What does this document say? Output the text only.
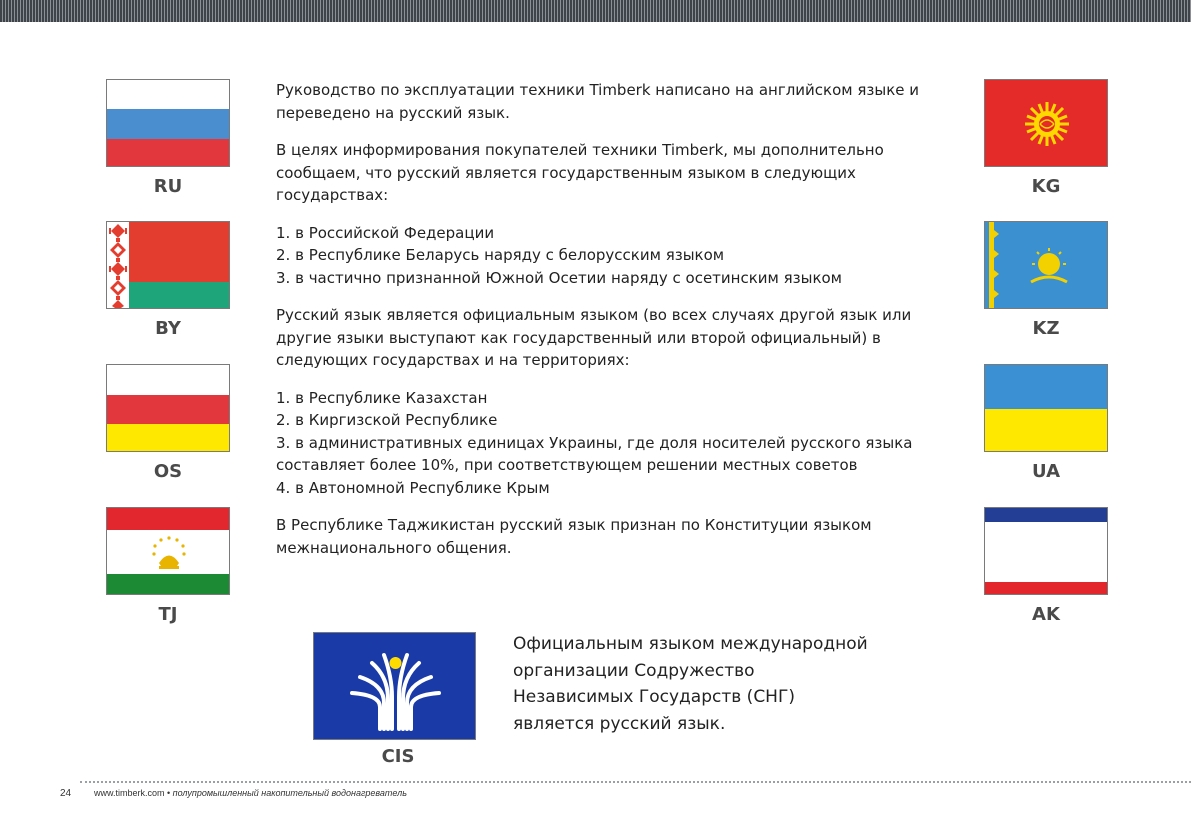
RU
BY
OS
TJ
KG
KZ
UA
AK

Руководство по эксплуатации техники Timberk написано на английском языке и переведено на русский язык.

В целях информирования покупателей техники Timberk, мы дополнительно сообщаем, что русский является государственным языком в следующих государствах:

1. в Российской Федерации
2. в Республике Беларусь наряду с белорусским языком
3. в частично признанной Южной Осетии наряду с осетинским языком

Русский язык является официальным языком (во всех случаях другой язык или другие языки выступают как государственный или второй официальный) в следующих государствах и на территориях:

1. в Республике Казахстан
2. в Киргизской Республике
3. в административных единицах Украины, где доля носителей русского языка составляет более 10%, при соответствующем решении местных советов
4. в Автономной Республике Крым

В Республике Таджикистан русский язык признан по Конституции языком межнационального общения.

CIS
Официальным языком международной
организации Содружество
Независимых Государств (СНГ)
является русский язык.
24	www.timberk.com • полупромышленный накопительный водонагреватель
